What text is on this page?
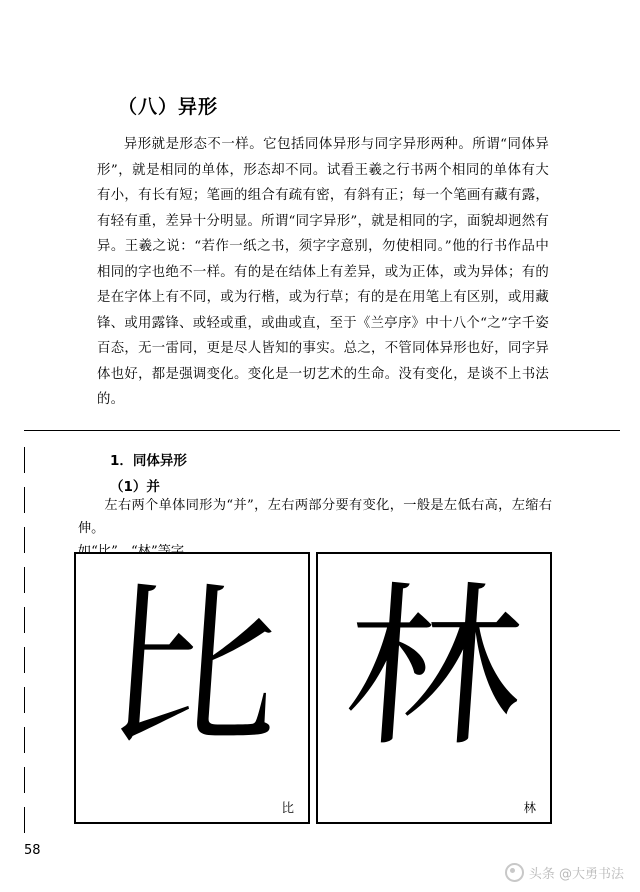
（八）异形

异形就是形态不一样。它包括同体异形与同字异形两种。所谓“同体异形”，就是相同的单体，形态却不同。试看王羲之行书两个相同的单体有大有小，有长有短；笔画的组合有疏有密，有斜有正；每一个笔画有藏有露，有轻有重，差异十分明显。所谓“同字异形”，就是相同的字，面貌却迥然有异。王羲之说：“若作一纸之书，须字字意别，勿使相同。”他的行书作品中相同的字也绝不一样。有的是在结体上有差异，或为正体，或为异体；有的是在字体上有不同，或为行楷，或为行草；有的是在用笔上有区别，或用藏锋、或用露锋、或轻或重，或曲或直，至于《兰亭序》中十八个“之”字千姿百态，无一雷同，更是尽人皆知的事实。总之，不管同体异形也好，同字异体也好，都是强调变化。变化是一切艺术的生命。没有变化，是谈不上书法的。

1．同体异形
（1）并

左右两个单体同形为“并”，左右两部分要有变化，一般是左低右高，左缩右伸。

比
比
林
林
58
头条 @大勇书法
